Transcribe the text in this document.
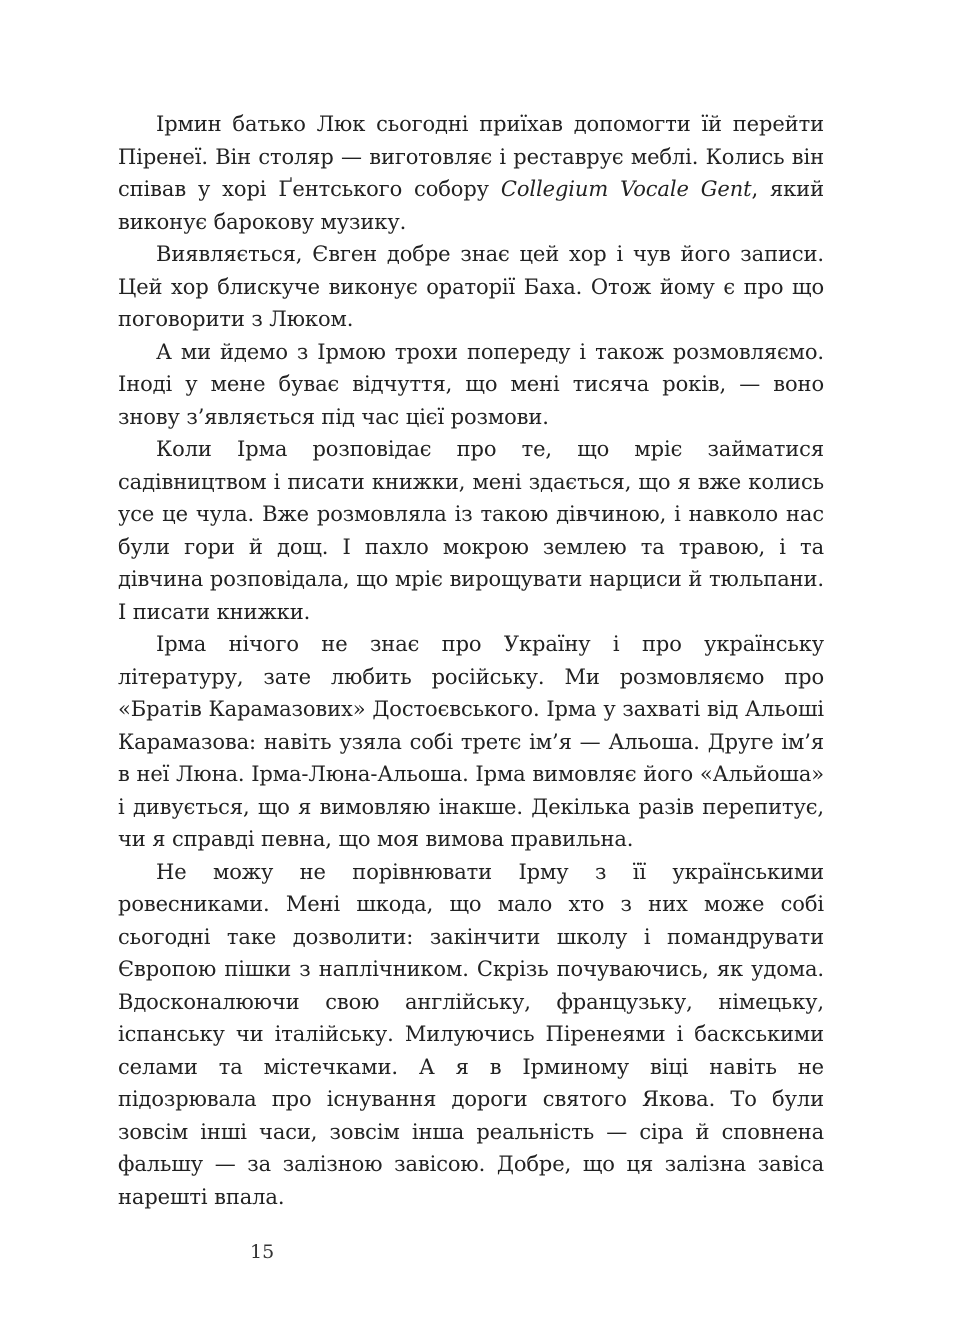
Ірмин батько Люк сьогодні приїхав допомогти їй перейти Піренеї. Він столяр — виготовляє і реставрує меблі. Колись він співав у хорі Ґентського собору Collegium Vocale Gent, який виконує барокову музику.

Виявляється, Євген добре знає цей хор і чув його записи. Цей хор блискуче виконує ораторії Баха. Отож йому є про що поговорити з Люком.

А ми йдемо з Ірмою трохи попереду і також розмовляємо. Іноді у мене буває відчуття, що мені тисяча років, — воно знову з’являється під час цієї розмови.

Коли Ірма розповідає про те, що мріє займатися садівництвом і писати книжки, мені здається, що я вже колись усе це чула. Вже розмовляла із такою дівчиною, і навколо нас були гори й дощ. І пахло мокрою землею та травою, і та дівчина розповідала, що мріє вирощувати нарциси й тюльпани. І писати книжки.

Ірма нічого не знає про Україну і про українську літературу, зате любить російську. Ми розмовляємо про «Братів Карамазових» Достоєвського. Ірма у захваті від Альоші Карамазова: навіть узяла собі третє ім’я — Альоша. Друге ім’я в неї Люна. Ірма-Люна-Альоша. Ірма вимовляє його «Альйоша» і дивується, що я вимовляю інакше. Декілька разів перепитує, чи я справді певна, що моя вимова правильна.

Не можу не порівнювати Ірму з її українськими ровесниками. Мені шкода, що мало хто з них може собі сьогодні таке дозволити: закінчити школу і помандрувати Європою пішки з наплічником. Скрізь почуваючись, як удома. Вдосконалюючи свою англійську, французьку, німецьку, іспанську чи італійську. Милуючись Піренеями і баскськими селами та містечками. А я в Ірминому віці навіть не підозрювала про існування дороги святого Якова. То були зовсім інші часи, зовсім інша реальність — сіра й сповнена фальшу — за залізною завісою. Добре, що ця залізна завіса нарешті впала.

15
